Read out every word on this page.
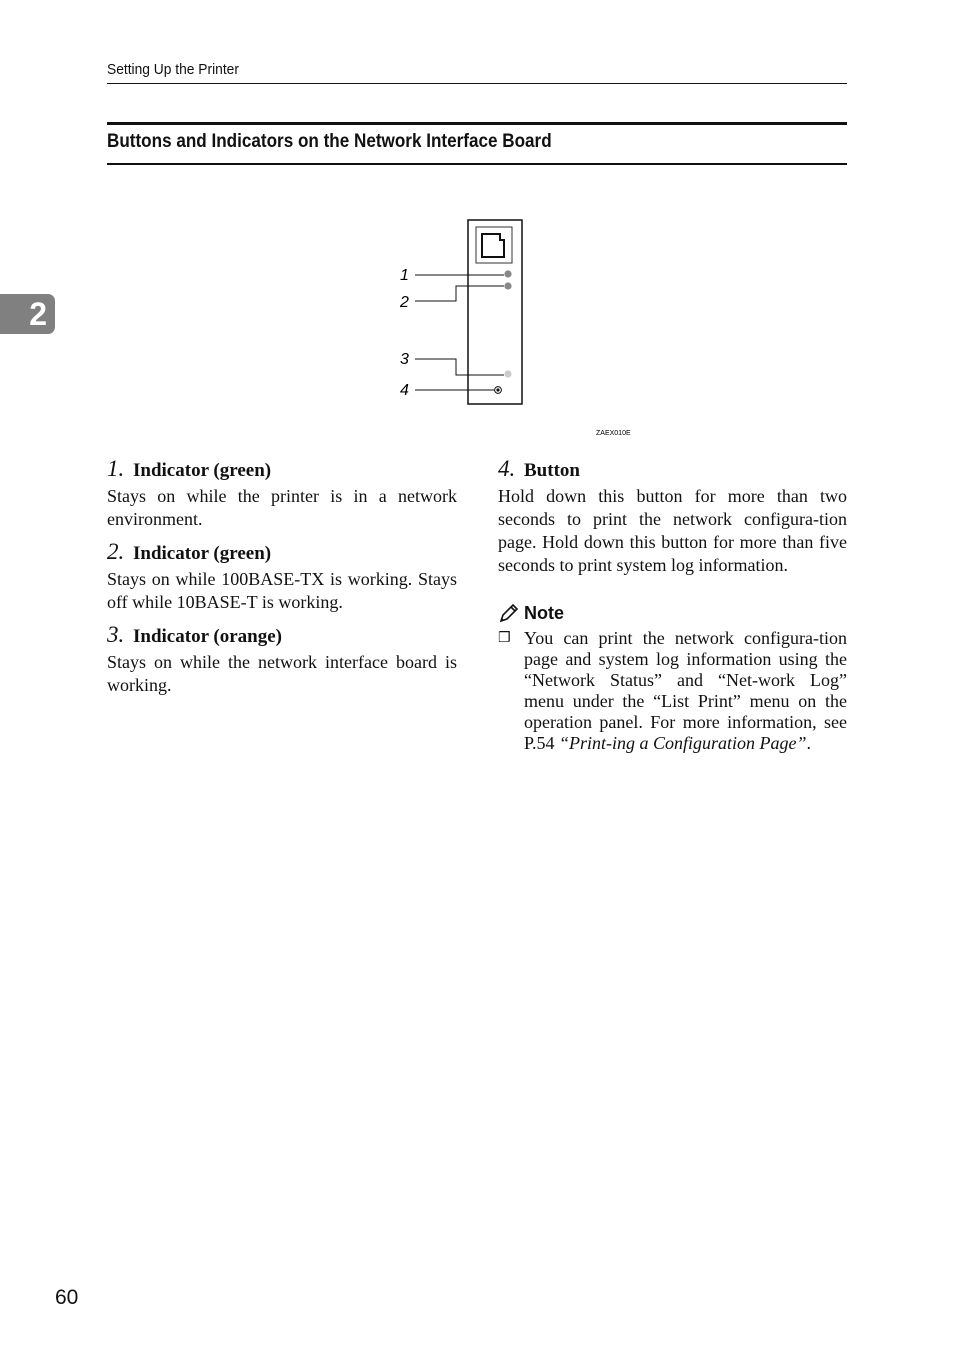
Setting Up the Printer
Buttons and Indicators on the Network Interface Board
2
1
2
3
4
ZAEX010E

1. Indicator (green)

Stays on while the printer is in a network environment.

2. Indicator (green)

Stays on while 100BASE-TX is working. Stays off while 10BASE-T is working.

3. Indicator (orange)

Stays on while the network interface board is working.

4. Button

Hold down this button for more than two seconds to print the network configura-tion page. Hold down this button for more than five seconds to print system log information.

Note
❒ You can print the network configura-tion page and system log information using the “Network Status” and “Net-work Log” menu under the “List Print” menu on the operation panel. For more information, see P.54 “Print-ing a Configuration Page”.
60
